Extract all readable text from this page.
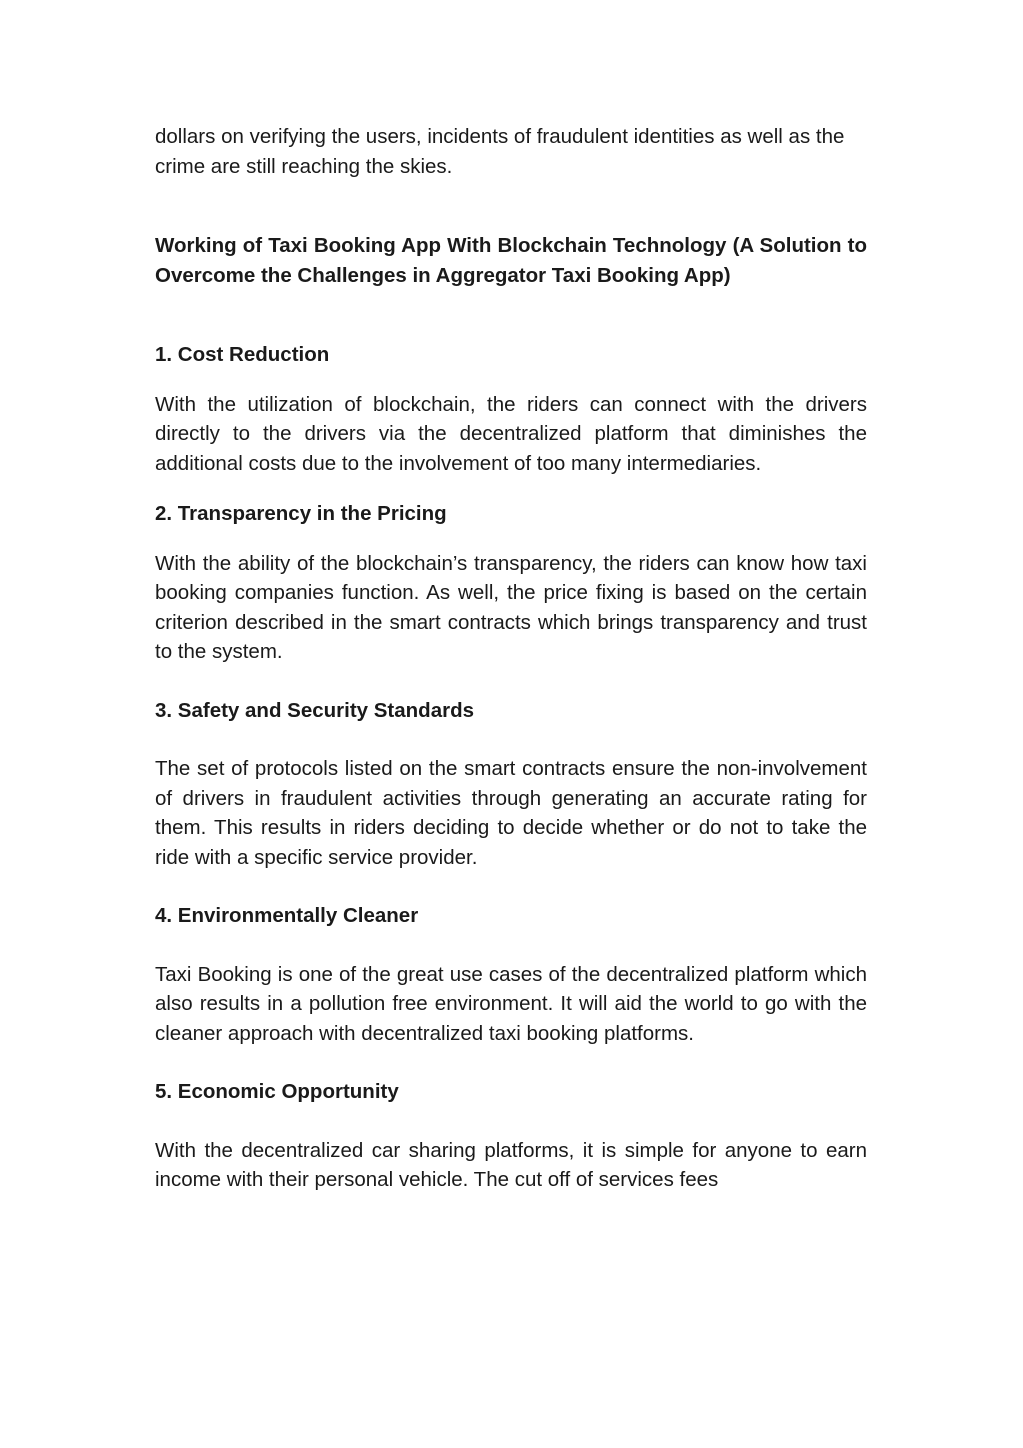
dollars on verifying the users, incidents of fraudulent identities as well as the crime are still reaching the skies.

Working of Taxi Booking App With Blockchain Technology (A Solution to Overcome the Challenges in Aggregator Taxi Booking App)

1. Cost Reduction

With the utilization of blockchain, the riders can connect with the drivers directly to the drivers via the decentralized platform that diminishes the additional costs due to the involvement of too many intermediaries.

2. Transparency in the Pricing

With the ability of the blockchain’s transparency, the riders can know how taxi booking companies function. As well, the price fixing is based on the certain criterion described in the smart contracts which brings transparency and trust to the system.

3. Safety and Security Standards

The set of protocols listed on the smart contracts ensure the non-involvement of drivers in fraudulent activities through generating an accurate rating for them. This results in riders deciding to decide whether or do not to take the ride with a specific service provider.

4. Environmentally Cleaner

Taxi Booking is one of the great use cases of the decentralized platform which also results in a pollution free environment. It will aid the world to go with the cleaner approach with decentralized taxi booking platforms.

5. Economic Opportunity

With the decentralized car sharing platforms, it is simple for anyone to earn income with their personal vehicle. The cut off of services fees
